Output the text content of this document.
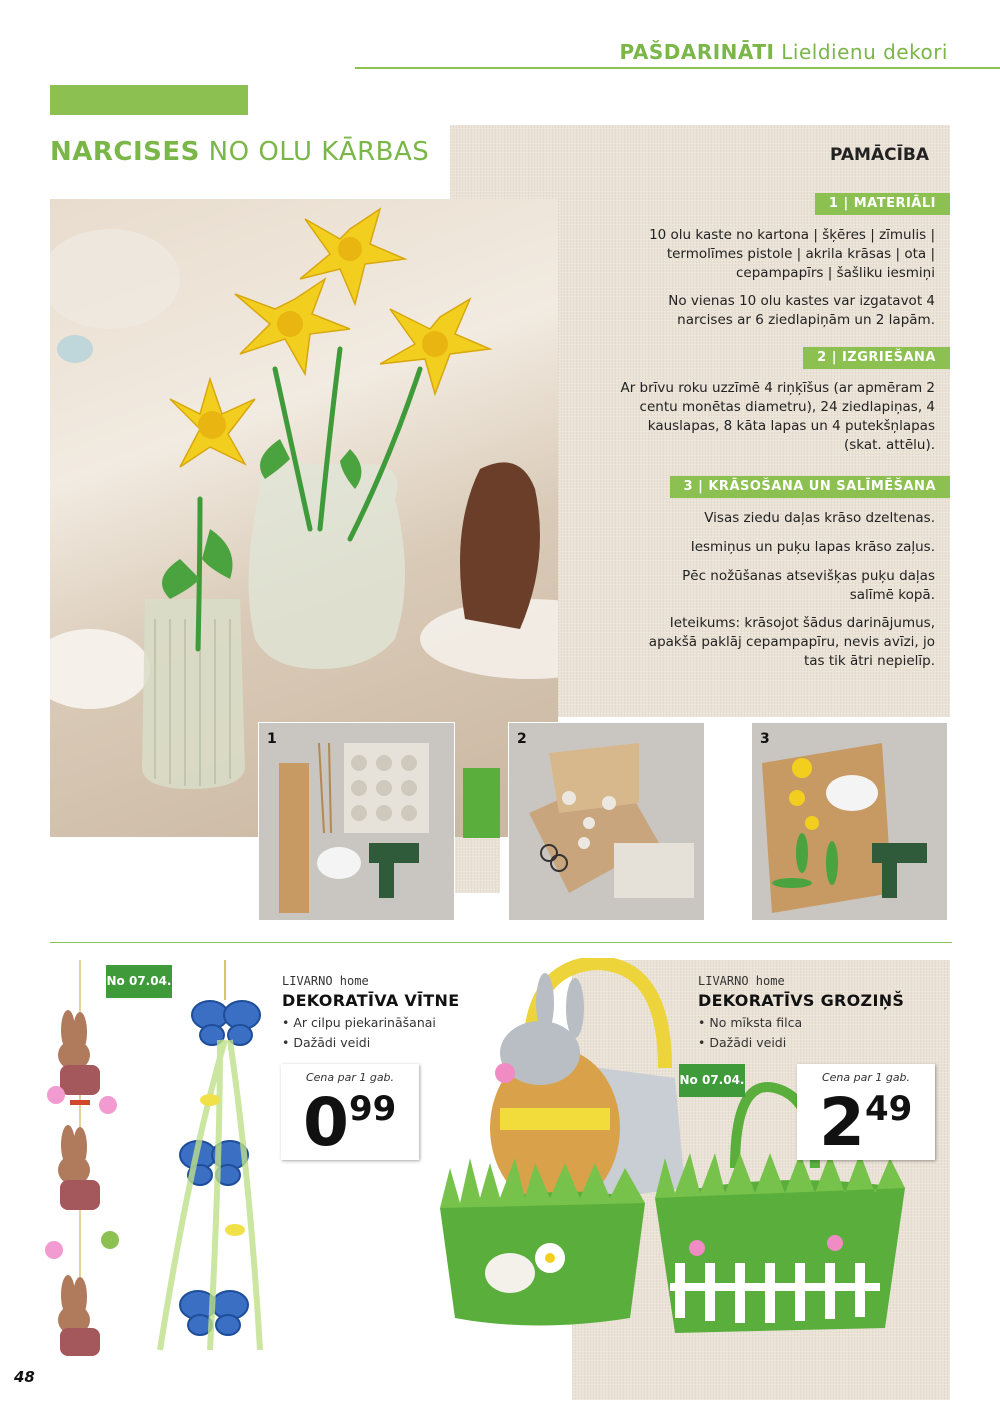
PAŠDARINĀTI Lieldienu dekori
NARCISES NO OLU KĀRBAS	PAMĀCĪBA
1 | MATERIĀLI
10 olu kaste no kartona | šķēres | zīmulis | termolīmes pistole | akrila krāsas | ota | cepampapīrs | šašliku iesmiņi
No vienas 10 olu kastes var izgatavot 4 narcises ar 6 ziedlapiņām un 2 lapām.
2 | IZGRIEŠANA
Ar brīvu roku uzzīmē 4 riņķīšus (ar apmēram 2 centu monētas diametru), 24 ziedlapiņas, 4 kauslapas, 8 kāta lapas un 4 putekšņlapas (skat. attēlu).
3 | KRĀSOŠANA UN SALĪMĒŠANA
Visas ziedu daļas krāso dzeltenas.
Iesmiņus un puķu lapas krāso zaļus.
Pēc nožūšanas atsevišķas puķu daļas salīmē kopā.
Ieteikums: krāsojot šādus darinājumus, apakšā paklāj cepampapīru, nevis avīzi, jo tas tik ātri nepielīp.
1	2	3
No 07.04.	LIVARNO home
DEKORATĪVA VĪTNE
• Ar cilpu piekarināšanai
• Dažādi veidi
Cena par 1 gab.
0 99
No 07.04.
LIVARNO home
DEKORATĪVS GROZIŅŠ
• No mīksta filca
• Dažādi veidi
Cena par 1 gab.
2 49
48
